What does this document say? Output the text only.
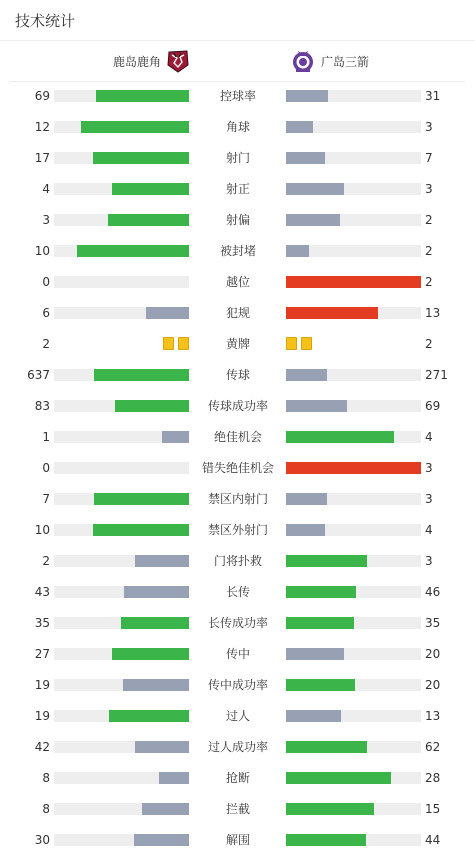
技术统计
鹿岛鹿角	广岛三箭
69	控球率	31
12	角球	3
17	射门	7
4	射正	3
3	射偏	2
10	被封堵	2
0	越位	2
6	犯规	13
2	黄牌	2
637	传球	271
83	传球成功率	69
1	绝佳机会	4
0	错失绝佳机会	3
7	禁区内射门	3
10	禁区外射门	4
2	门将扑救	3
43	长传	46
35	长传成功率	35
27	传中	20
19	传中成功率	20
19	过人	13
42	过人成功率	62
8	抢断	28
8	拦截	15
30	解围	44
